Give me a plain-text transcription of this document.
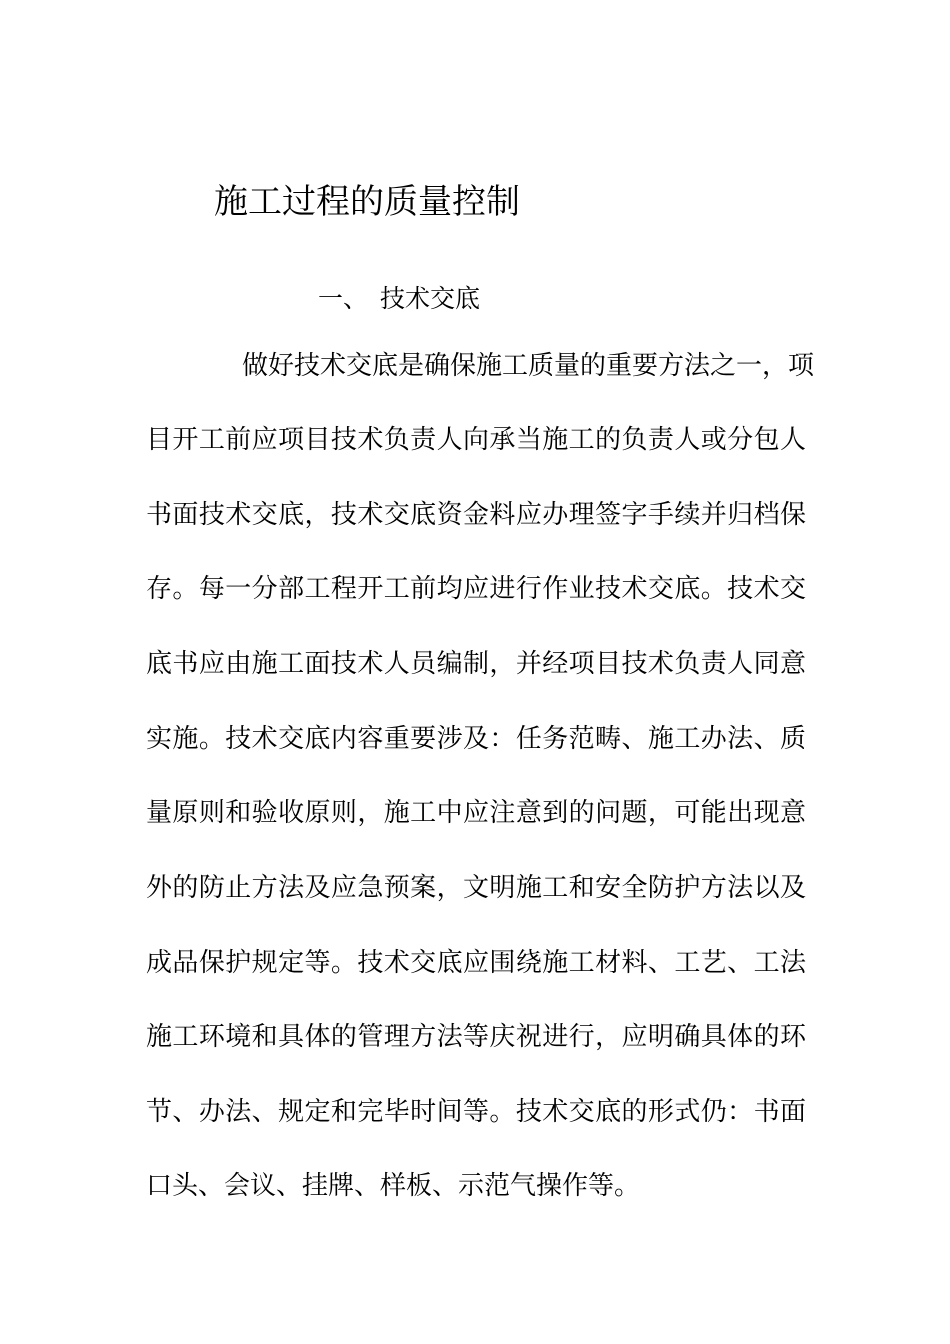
施工过程的质量控制
一、 技术交底
做好技术交底是确保施工质量的重要方法之一，项
目开工前应项目技术负责人向承当施工的负责人或分包人
书面技术交底，技术交底资金料应办理签字手续并归档保
存。每一分部工程开工前均应进行作业技术交底。技术交
底书应由施工面技术人员编制，并经项目技术负责人同意
实施。技术交底内容重要涉及：任务范畴、施工办法、质
量原则和验收原则，施工中应注意到的问题，可能出现意
外的防止方法及应急预案，文明施工和安全防护方法以及
成品保护规定等。技术交底应围绕施工材料、工艺、工法
施工环境和具体的管理方法等庆祝进行，应明确具体的环
节、办法、规定和完毕时间等。技术交底的形式仍：书面
口头、会议、挂牌、样板、示范气操作等。
